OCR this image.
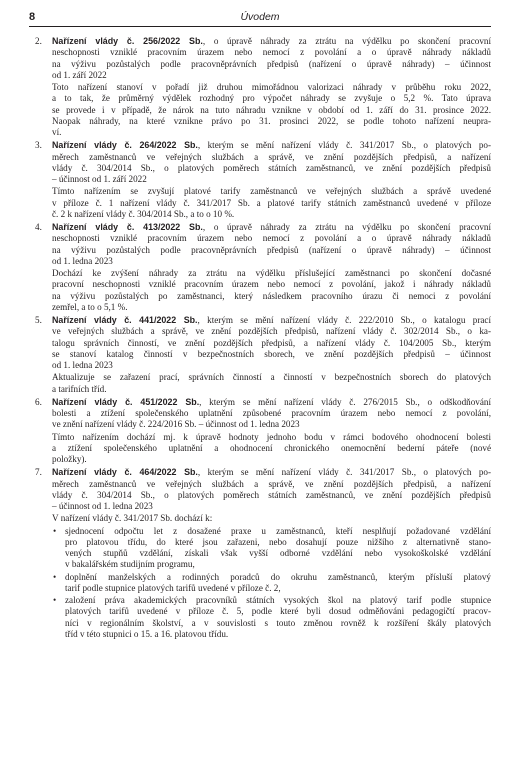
8	Úvodem
2. Nařízení vlády č. 256/2022 Sb., o úpravě náhrady za ztrátu na výdělku po skončení pracovní
neschopnosti vzniklé pracovním úrazem nebo nemocí z povolání a o úpravě náhrady nákladů
na výživu pozůstalých podle pracovněprávních předpisů (nařízení o úpravě náhrady) – účinnost
od 1. září 2022
Toto nařízení stanoví v pořadí již druhou mimořádnou valorizaci náhrady v průběhu roku 2022,
a to tak, že průměrný výdělek rozhodný pro výpočet náhrady se zvyšuje o 5,2 %. Tato úprava
se provede i v případě, že nárok na tuto náhradu vznikne v období od 1. září do 31. prosince 2022.
Naopak náhrady, na které vznikne právo po 31. prosinci 2022, se podle tohoto nařízení neupra-
ví.
3. Nařízení vlády č. 264/2022 Sb., kterým se mění nařízení vlády č. 341/2017 Sb., o platových po-
měrech zaměstnanců ve veřejných službách a správě, ve znění pozdějších předpisů, a nařízení
vlády č. 304/2014 Sb., o platových poměrech státních zaměstnanců, ve znění pozdějších předpisů
– účinnost od 1. září 2022
Tímto nařízením se zvyšují platové tarify zaměstnanců ve veřejných službách a správě uvedené
v příloze č. 1 nařízení vlády č. 341/2017 Sb. a platové tarify státních zaměstnanců uvedené v příloze
č. 2 k nařízení vlády č. 304/2014 Sb., a to o 10 %.
4. Nařízení vlády č. 413/2022 Sb., o úpravě náhrady za ztrátu na výdělku po skončení pracovní
neschopnosti vzniklé pracovním úrazem nebo nemocí z povolání a o úpravě náhrady nákladů
na výživu pozůstalých podle pracovněprávních předpisů (nařízení o úpravě náhrady) – účinnost
od 1. ledna 2023
Dochází ke zvýšení náhrady za ztrátu na výdělku příslušející zaměstnanci po skončení dočasné
pracovní neschopnosti vzniklé pracovním úrazem nebo nemocí z povolání, jakož i náhrady nákladů
na výživu pozůstalých po zaměstnanci, který následkem pracovního úrazu či nemoci z povolání
zemřel, a to o 5,1 %.
5. Nařízení vlády č. 441/2022 Sb., kterým se mění nařízení vlády č. 222/2010 Sb., o katalogu prací
ve veřejných službách a správě, ve znění pozdějších předpisů, nařízení vlády č. 302/2014 Sb., o ka-
talogu správních činností, ve znění pozdějších předpisů, a nařízení vlády č. 104/2005 Sb., kterým
se stanoví katalog činností v bezpečnostních sborech, ve znění pozdějších předpisů – účinnost
od 1. ledna 2023
Aktualizuje se zařazení prací, správních činností a činností v bezpečnostních sborech do platových
a tarifních tříd.
6. Nařízení vlády č. 451/2022 Sb., kterým se mění nařízení vlády č. 276/2015 Sb., o odškodňování
bolesti a ztížení společenského uplatnění způsobené pracovním úrazem nebo nemocí z povolání,
ve znění nařízení vlády č. 224/2016 Sb. – účinnost od 1. ledna 2023
Tímto nařízením dochází mj. k úpravě hodnoty jednoho bodu v rámci bodového ohodnocení bolesti
a ztížení společenského uplatnění a ohodnocení chronického onemocnění bederní páteře (nové
položky).
7. Nařízení vlády č. 464/2022 Sb., kterým se mění nařízení vlády č. 341/2017 Sb., o platových po-
měrech zaměstnanců ve veřejných službách a správě, ve znění pozdějších předpisů, a nařízení
vlády č. 304/2014 Sb., o platových poměrech státních zaměstnanců, ve znění pozdějších předpisů
– účinnost od 1. ledna 2023
V nařízení vlády č. 341/2017 Sb. dochází k:
• sjednocení odpočtu let z dosažené praxe u zaměstnanců, kteří nesplňují požadované vzdělání
pro platovou třídu, do které jsou zařazeni, nebo dosahují pouze nižšího z alternativně stano-
vených stupňů vzdělání, získali však vyšší odborné vzdělání nebo vysokoškolské vzdělání
v bakalářském studijním programu,
• doplnění manželských a rodinných poradců do okruhu zaměstnanců, kterým přísluší platový
tarif podle stupnice platových tarifů uvedené v příloze č. 2,
• založení práva akademických pracovníků státních vysokých škol na platový tarif podle stupnice
platových tarifů uvedené v příloze č. 5, podle které byli dosud odměňováni pedagogičtí pracov-
níci v regionálním školství, a v souvislosti s touto změnou rovněž k rozšíření škály platových
tříd v této stupnici o 15. a 16. platovou třídu.
